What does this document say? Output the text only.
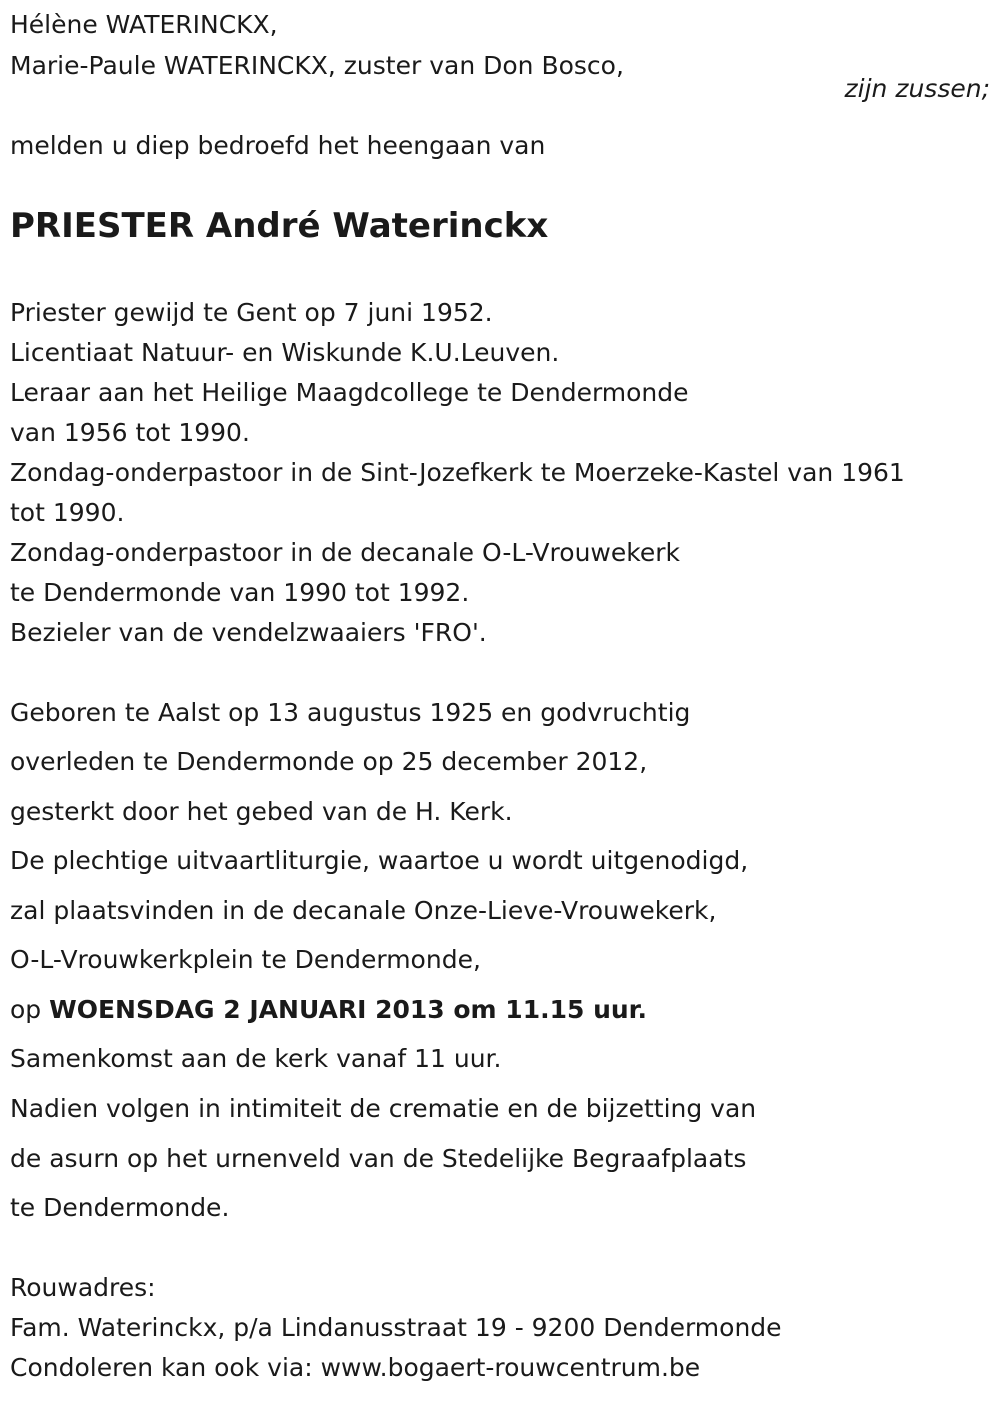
Hélène WATERINCKX,
Marie-Paule WATERINCKX, zuster van Don Bosco,
zijn zussen;
melden u diep bedroefd het heengaan van
PRIESTER André Waterinckx
Priester gewijd te Gent op 7 juni 1952.
Licentiaat Natuur- en Wiskunde K.U.Leuven.
Leraar aan het Heilige Maagdcollege te Dendermonde
van 1956 tot 1990.
Zondag-onderpastoor in de Sint-Jozefkerk te Moerzeke-Kastel van 1961
tot 1990.
Zondag-onderpastoor in de decanale O-L-Vrouwekerk
te Dendermonde van 1990 tot 1992.
Bezieler van de vendelzwaaiers 'FRO'.
Geboren te Aalst op 13 augustus 1925 en godvruchtig
overleden te Dendermonde op 25 december 2012,
gesterkt door het gebed van de H. Kerk.
De plechtige uitvaartliturgie, waartoe u wordt uitgenodigd,
zal plaatsvinden in de decanale Onze-Lieve-Vrouwekerk,
O-L-Vrouwkerkplein te Dendermonde,
op WOENSDAG 2 JANUARI 2013 om 11.15 uur.
Samenkomst aan de kerk vanaf 11 uur.
Nadien volgen in intimiteit de crematie en de bijzetting van
de asurn op het urnenveld van de Stedelijke Begraafplaats
te Dendermonde.
Rouwadres:
Fam. Waterinckx, p/a Lindanusstraat 19 - 9200 Dendermonde
Condoleren kan ook via: www.bogaert-rouwcentrum.be
